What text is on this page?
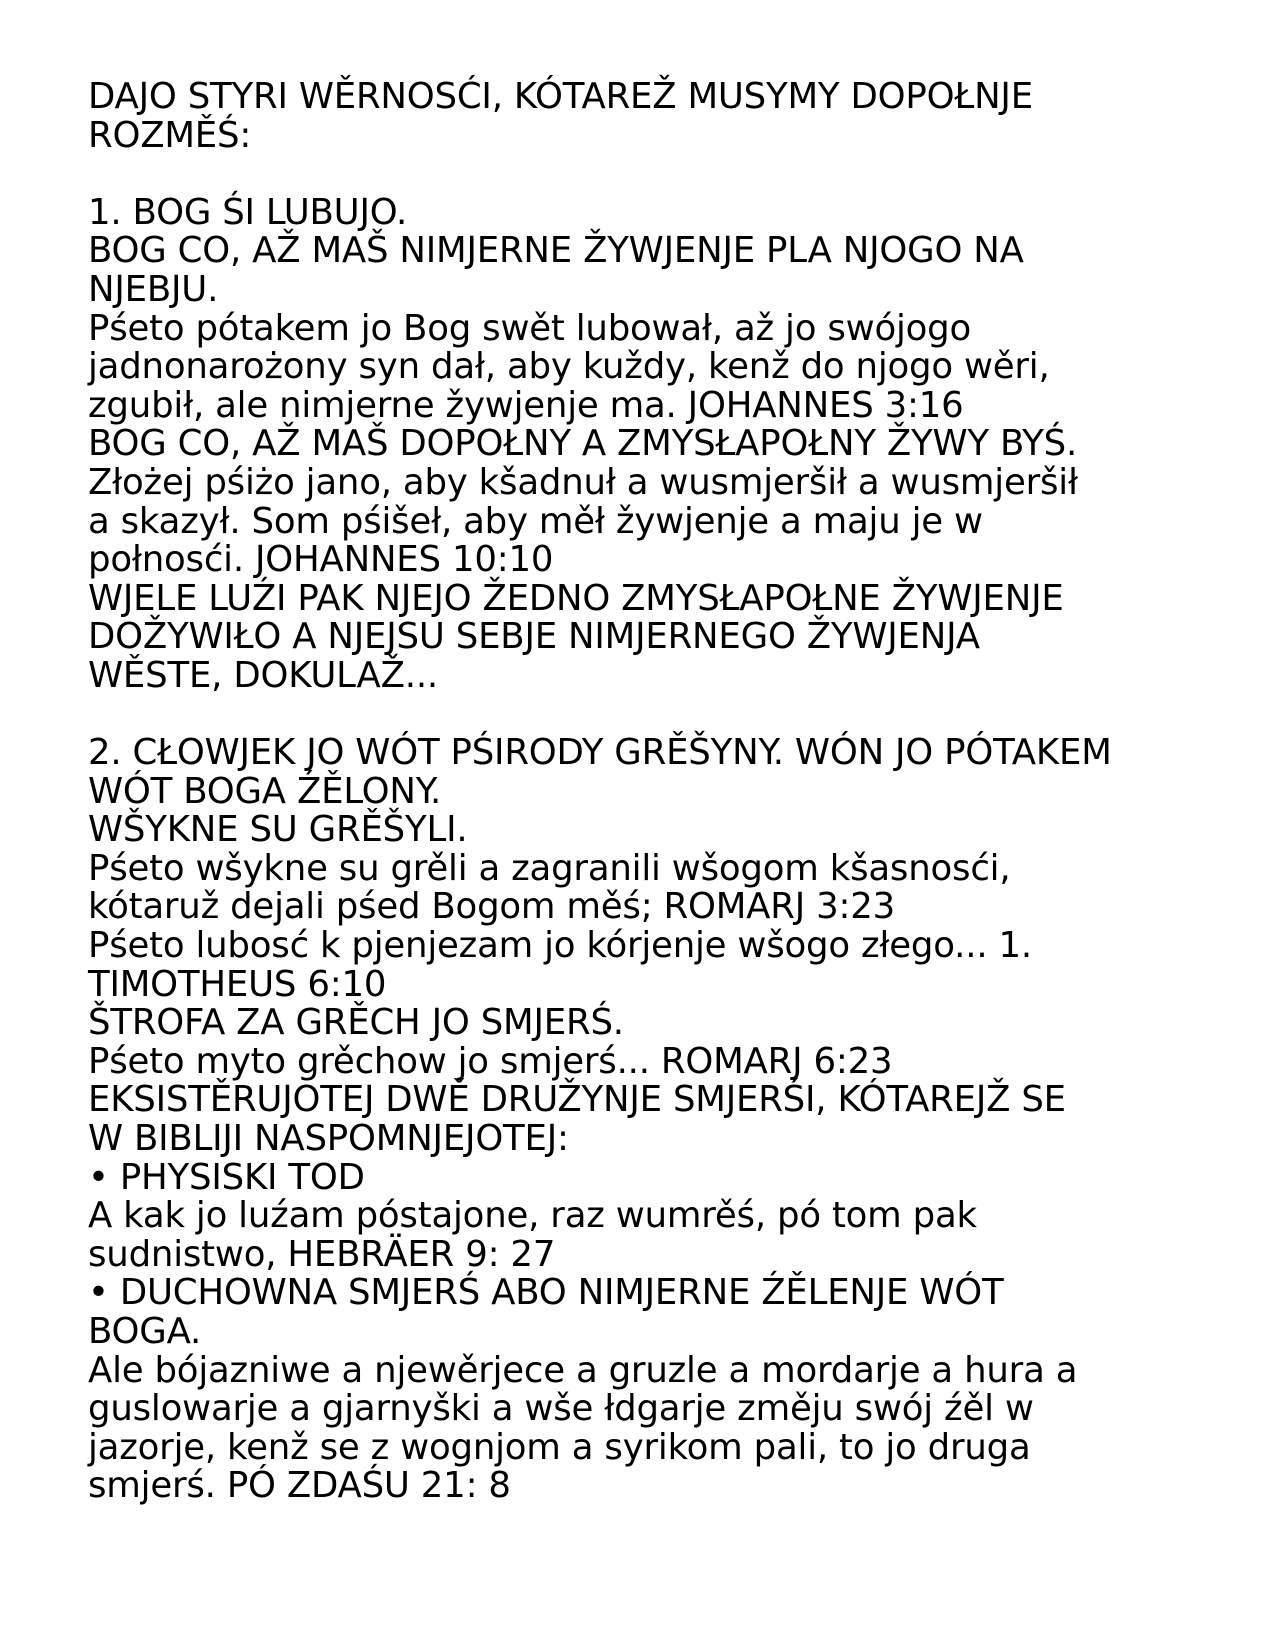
DAJO STYRI WĚRNOSĆI, KÓTAREŽ MUSYMY DOPOŁNJE
ROZMĚŚ:
1. BOG ŚI LUBUJO.
BOG CO, AŽ MAŠ NIMJERNE ŽYWJENJE PLA NJOGO NA
NJEBJU.
Pśeto pótakem jo Bog swět lubował, až jo swójogo
jadnonarożony syn dał, aby kuždy, kenž do njogo wěri,
zgubił, ale nimjerne žywjenje ma. JOHANNES 3:16
BOG CO, AŽ MAŠ DOPOŁNY A ZMYSŁAPOŁNY ŽYWY BYŚ.
Złożej pśiżo jano, aby kšadnuł a wusmjeršił a wusmjeršił
a skazył. Som pśišeł, aby měł žywjenje a maju je w
połnosći. JOHANNES 10:10
WJELE LUŹI PAK NJEJO ŽEDNO ZMYSŁAPOŁNE ŽYWJENJE
DOŽYWIŁO A NJEJSU SEBJE NIMJERNEGO ŽYWJENJA
WĚSTE, DOKULAŽ...
2. CŁOWJEK JO WÓT PŚIRODY GRĚŠYNY. WÓN JO PÓTAKEM
WÓT BOGA ŹĚLONY.
WŠYKNE SU GRĚŠYLI.
Pśeto wšykne su grěli a zagranili wšogom kšasnosći,
kótaruž dejali pśed Bogom měś; ROMARJ 3:23
Pśeto lubosć k pjenjezam jo kórjenje wšogo złego... 1.
TIMOTHEUS 6:10
ŠTROFA ZA GRĚCH JO SMJERŚ.
Pśeto myto grěchow jo smjerś... ROMARJ 6:23
EKSISTĚRUJOTEJ DWĚ DRUŽYNJE SMJERŚI, KÓTAREJŽ SE
W BIBLIJI NASPOMNJEJOTEJ:
• PHYSISKI TOD
A kak jo luźam póstajone, raz wumrěś, pó tom pak
sudnistwo, HEBRÄER 9: 27
• DUCHOWNA SMJERŚ ABO NIMJERNE ŹĚLENJE WÓT
BOGA.
Ale bójazniwe a njewěrjece a gruzle a mordarje a hura a
guslowarje a gjarnyški a wše łdgarje změju swój źěl w
jazorje, kenž se z wognjom a syrikom pali, to jo druga
smjerś. PÓ ZDAŚU 21: 8
